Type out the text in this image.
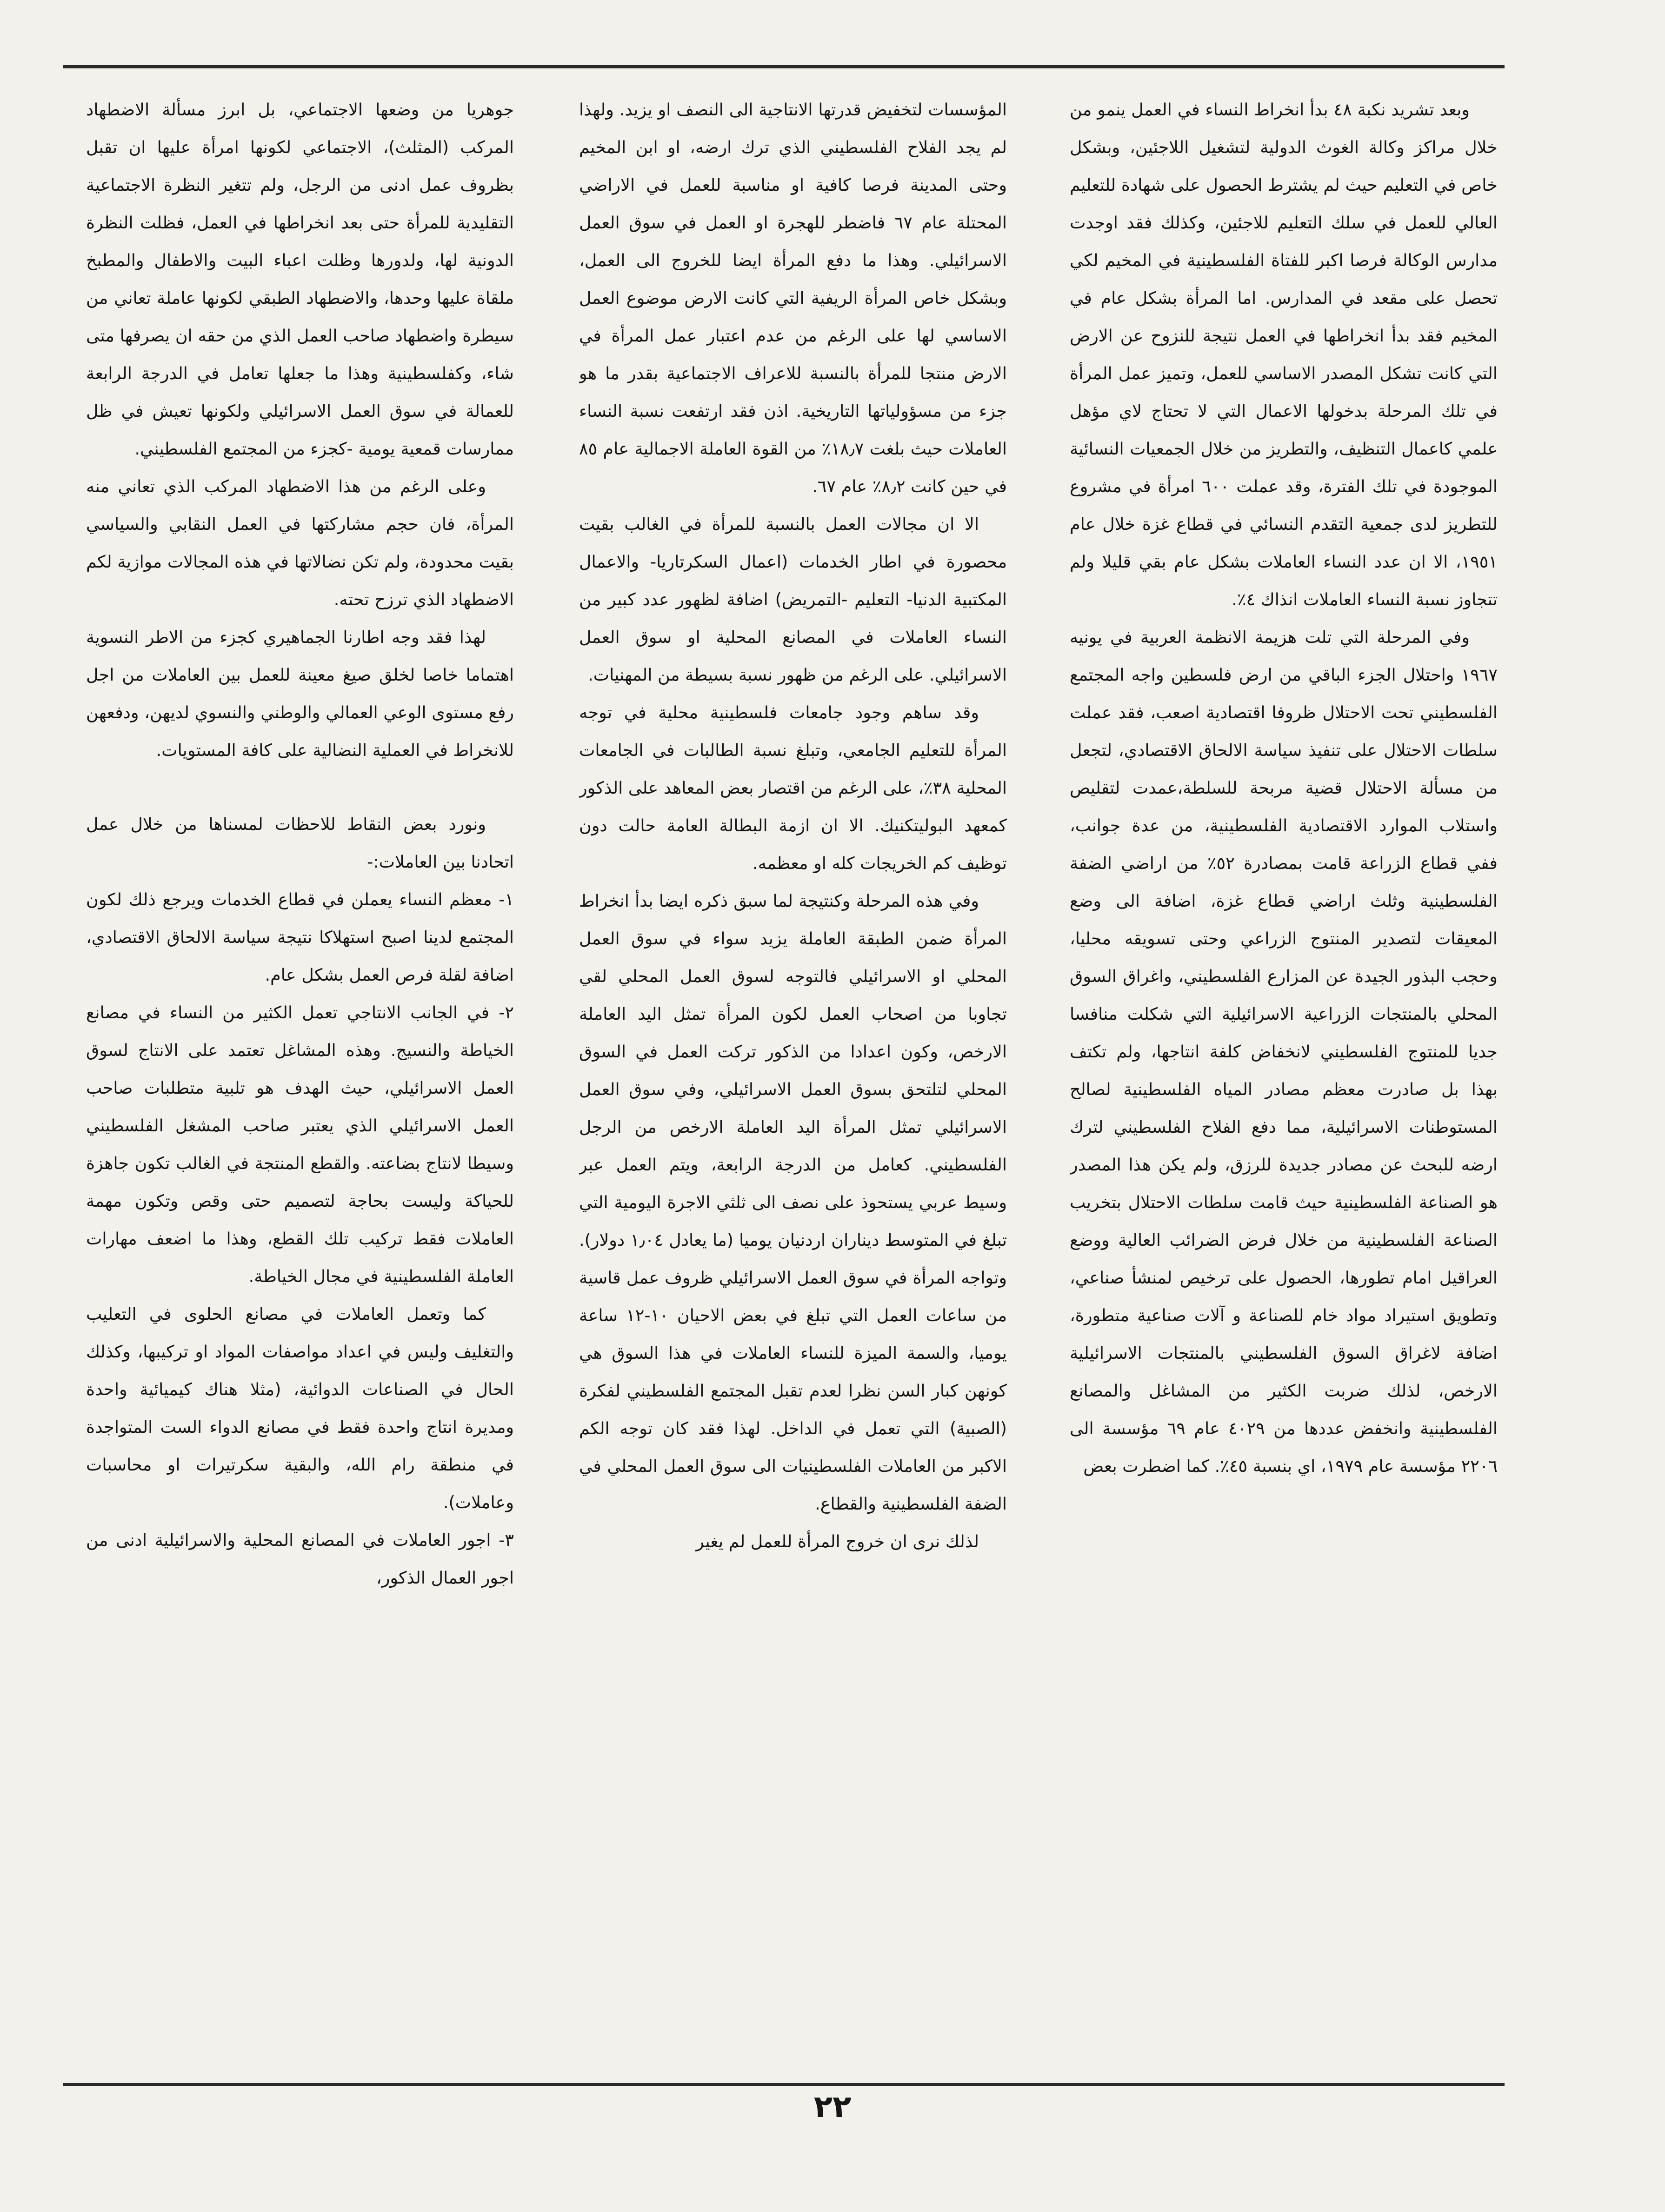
وبعد تشريد نكبة ٤٨ بدأ انخراط النساء في العمل ينمو من خلال مراكز وكالة الغوث الدولية لتشغيل اللاجئين، وبشكل خاص في التعليم حيث لم يشترط الحصول على شهادة للتعليم العالي للعمل في سلك التعليم للاجئين، وكذلك فقد اوجدت مدارس الوكالة فرصا اكبر للفتاة الفلسطينية في المخيم لكي تحصل على مقعد في المدارس. اما المرأة بشكل عام في المخيم فقد بدأ انخراطها في العمل نتيجة للنزوح عن الارض التي كانت تشكل المصدر الاساسي للعمل، وتميز عمل المرأة في تلك المرحلة بدخولها الاعمال التي لا تحتاج لاي مؤهل علمي كاعمال التنظيف، والتطريز من خلال الجمعيات النسائية الموجودة في تلك الفترة، وقد عملت ٦٠٠ امرأة في مشروع للتطريز لدى جمعية التقدم النسائي في قطاع غزة خلال عام ١٩٥١، الا ان عدد النساء العاملات بشكل عام بقي قليلا ولم تتجاوز نسبة النساء العاملات انذاك ٤٪.

وفي المرحلة التي تلت هزيمة الانظمة العربية في يونيه ١٩٦٧ واحتلال الجزء الباقي من ارض فلسطين واجه المجتمع الفلسطيني تحت الاحتلال ظروفا اقتصادية اصعب، فقد عملت سلطات الاحتلال على تنفيذ سياسة الالحاق الاقتصادي، لتجعل من مسألة الاحتلال قضية مربحة للسلطة،عمدت لتقليص واستلاب الموارد الاقتصادية الفلسطينية، من عدة جوانب، ففي قطاع الزراعة قامت بمصادرة ٥٢٪ من اراضي الضفة الفلسطينية وثلث اراضي قطاع غزة، اضافة الى وضع المعيقات لتصدير المنتوج الزراعي وحتى تسويقه محليا، وحجب البذور الجيدة عن المزارع الفلسطيني، واغراق السوق المحلي بالمنتجات الزراعية الاسرائيلية التي شكلت منافسا جديا للمنتوج الفلسطيني لانخفاض كلفة انتاجها، ولم تكتف بهذا بل صادرت معظم مصادر المياه الفلسطينية لصالح المستوطنات الاسرائيلية، مما دفع الفلاح الفلسطيني لترك ارضه للبحث عن مصادر جديدة للرزق، ولم يكن هذا المصدر هو الصناعة الفلسطينية حيث قامت سلطات الاحتلال بتخريب الصناعة الفلسطينية من خلال فرض الضرائب العالية ووضع العراقيل امام تطورها، الحصول على ترخيص لمنشأ صناعي، وتطويق استيراد مواد خام للصناعة و آلات صناعية متطورة، اضافة لاغراق السوق الفلسطيني بالمنتجات الاسرائيلية الارخص، لذلك ضربت الكثير من المشاغل والمصانع الفلسطينية وانخفض عددها من ٤٠٢٩ عام ٦٩ مؤسسة الى ٢٢٠٦ مؤسسة عام ١٩٧٩، اي بنسبة ٤٥٪. كما اضطرت بعض

المؤسسات لتخفيض قدرتها الانتاجية الى النصف او يزيد. ولهذا لم يجد الفلاح الفلسطيني الذي ترك ارضه، او ابن المخيم وحتى المدينة فرصا كافية او مناسبة للعمل في الاراضي المحتلة عام ٦٧ فاضطر للهجرة او العمل في سوق العمل الاسرائيلي. وهذا ما دفع المرأة ايضا للخروج الى العمل، وبشكل خاص المرأة الريفية التي كانت الارض موضوع العمل الاساسي لها على الرغم من عدم اعتبار عمل المرأة في الارض منتجا للمرأة بالنسبة للاعراف الاجتماعية بقدر ما هو جزء من مسؤولياتها التاريخية. اذن فقد ارتفعت نسبة النساء العاملات حيث بلغت ١٨٫٧٪ من القوة العاملة الاجمالية عام ٨٥ في حين كانت ٨٫٢٪ عام ٦٧.

الا ان مجالات العمل بالنسبة للمرأة في الغالب بقيت محصورة في اطار الخدمات (اعمال السكرتاريا- والاعمال المكتبية الدنيا- التعليم -التمريض) اضافة لظهور عدد كبير من النساء العاملات في المصانع المحلية او سوق العمل الاسرائيلي. على الرغم من ظهور نسبة بسيطة من المهنيات.

وقد ساهم وجود جامعات فلسطينية محلية في توجه المرأة للتعليم الجامعي، وتبلغ نسبة الطالبات في الجامعات المحلية ٣٨٪، على الرغم من اقتصار بعض المعاهد على الذكور كمعهد البوليتكنيك. الا ان ازمة البطالة العامة حالت دون توظيف كم الخريجات كله او معظمه.

وفي هذه المرحلة وكنتيجة لما سبق ذكره ايضا بدأ انخراط المرأة ضمن الطبقة العاملة يزيد سواء في سوق العمل المحلي او الاسرائيلي فالتوجه لسوق العمل المحلي لقي تجاوبا من اصحاب العمل لكون المرأة تمثل اليد العاملة الارخص، وكون اعدادا من الذكور تركت العمل في السوق المحلي لتلتحق بسوق العمل الاسرائيلي، وفي سوق العمل الاسرائيلي تمثل المرأة اليد العاملة الارخص من الرجل الفلسطيني. كعامل من الدرجة الرابعة، ويتم العمل عبر وسيط عربي يستحوذ على نصف الى ثلثي الاجرة اليومية التي تبلغ في المتوسط ديناران اردنيان يوميا (ما يعادل ١٫٠٤ دولار). وتواجه المرأة في سوق العمل الاسرائيلي ظروف عمل قاسية من ساعات العمل التي تبلغ في بعض الاحيان ١٠-١٢ ساعة يوميا، والسمة الميزة للنساء العاملات في هذا السوق هي كونهن كبار السن نظرا لعدم تقبل المجتمع الفلسطيني لفكرة (الصبية) التي تعمل في الداخل. لهذا فقد كان توجه الكم الاكبر من العاملات الفلسطينيات الى سوق العمل المحلي في الضفة الفلسطينية والقطاع.

لذلك نرى ان خروج المرأة للعمل لم يغير

جوهريا من وضعها الاجتماعي، بل ابرز مسألة الاضطهاد المركب (المثلث)، الاجتماعي لكونها امرأة عليها ان تقبل بظروف عمل ادنى من الرجل، ولم تتغير النظرة الاجتماعية التقليدية للمرأة حتى بعد انخراطها في العمل، فظلت النظرة الدونية لها، ولدورها وظلت اعباء البيت والاطفال والمطبخ ملقاة عليها وحدها، والاضطهاد الطبقي لكونها عاملة تعاني من سيطرة واضطهاد صاحب العمل الذي من حقه ان يصرفها متى شاء، وكفلسطينية وهذا ما جعلها تعامل في الدرجة الرابعة للعمالة في سوق العمل الاسرائيلي ولكونها تعيش في ظل ممارسات قمعية يومية -كجزء من المجتمع الفلسطيني.

وعلى الرغم من هذا الاضطهاد المركب الذي تعاني منه المرأة، فان حجم مشاركتها في العمل النقابي والسياسي بقيت محدودة، ولم تكن نضالاتها في هذه المجالات موازية لكم الاضطهاد الذي ترزح تحته.

لهذا فقد وجه اطارنا الجماهيري كجزء من الاطر النسوية اهتماما خاصا لخلق صيغ معينة للعمل بين العاملات من اجل رفع مستوى الوعي العمالي والوطني والنسوي لديهن، ودفعهن للانخراط في العملية النضالية على كافة المستويات.

ونورد بعض النقاط للاحظات لمسناها من خلال عمل اتحادنا بين العاملات:-

١- معظم النساء يعملن في قطاع الخدمات ويرجع ذلك لكون المجتمع لدينا اصبح استهلاكا نتيجة سياسة الالحاق الاقتصادي، اضافة لقلة فرص العمل بشكل عام.

٢- في الجانب الانتاجي تعمل الكثير من النساء في مصانع الخياطة والنسيج. وهذه المشاغل تعتمد على الانتاج لسوق العمل الاسرائيلي، حيث الهدف هو تلبية متطلبات صاحب العمل الاسرائيلي الذي يعتبر صاحب المشغل الفلسطيني وسيطا لانتاج بضاعته. والقطع المنتجة في الغالب تكون جاهزة للحياكة وليست بحاجة لتصميم حتى وقص وتكون مهمة العاملات فقط تركيب تلك القطع، وهذا ما اضعف مهارات العاملة الفلسطينية في مجال الخياطة.

كما وتعمل العاملات في مصانع الحلوى في التعليب والتغليف وليس في اعداد مواصفات المواد او تركيبها، وكذلك الحال في الصناعات الدوائية، (مثلا هناك كيميائية واحدة ومديرة انتاج واحدة فقط في مصانع الدواء الست المتواجدة في منطقة رام الله، والبقية سكرتيرات او محاسبات وعاملات).

٣- اجور العاملات في المصانع المحلية والاسرائيلية ادنى من اجور العمال الذكور،

٢٢
